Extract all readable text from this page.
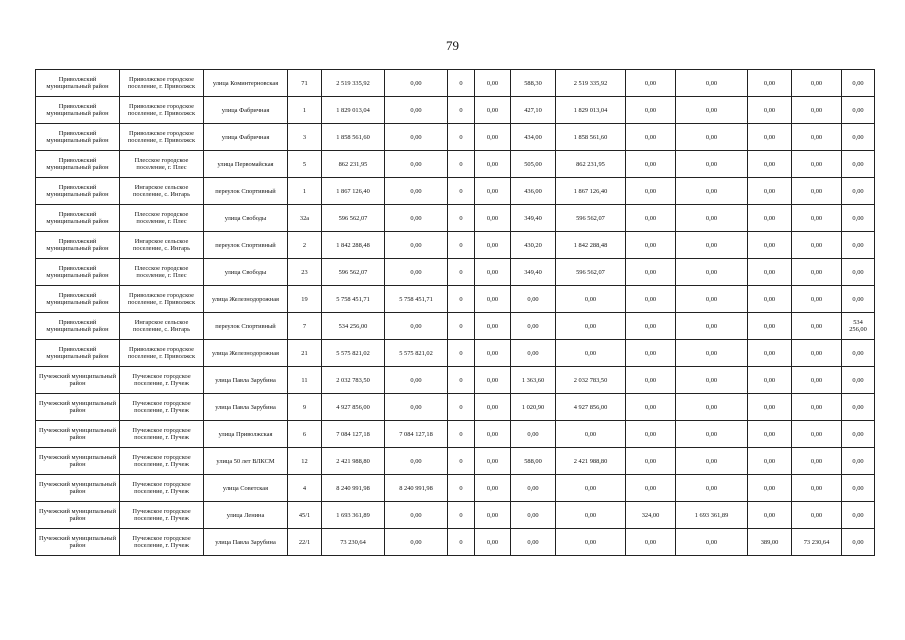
79
Приволжский муниципальный район	Приволжское городское поселение, г. Приволжск	улица Коминтерновская	71	2 519 335,92	0,00	0	0,00	588,30	2 519 335,92	0,00	0,00	0,00	0,00	0,00
Приволжский муниципальный район	Приволжское городское поселение, г. Приволжск	улица Фабричная	1	1 829 013,04	0,00	0	0,00	427,10	1 829 013,04	0,00	0,00	0,00	0,00	0,00
Приволжский муниципальный район	Приволжское городское поселение, г. Приволжск	улица Фабричная	3	1 858 561,60	0,00	0	0,00	434,00	1 858 561,60	0,00	0,00	0,00	0,00	0,00
Приволжский муниципальный район	Плесское городское поселение, г. Плес	улица Первомайская	5	862 231,95	0,00	0	0,00	505,00	862 231,95	0,00	0,00	0,00	0,00	0,00
Приволжский муниципальный район	Ингарское сельское поселение, с. Ингарь	переулок Спортивный	1	1 867 126,40	0,00	0	0,00	436,00	1 867 126,40	0,00	0,00	0,00	0,00	0,00
Приволжский муниципальный район	Плесское городское поселение, г. Плес	улица Свободы	32а	596 562,07	0,00	0	0,00	349,40	596 562,07	0,00	0,00	0,00	0,00	0,00
Приволжский муниципальный район	Ингарское сельское поселение, с. Ингарь	переулок Спортивный	2	1 842 288,48	0,00	0	0,00	430,20	1 842 288,48	0,00	0,00	0,00	0,00	0,00
Приволжский муниципальный район	Плесское городское поселение, г. Плес	улица Свободы	23	596 562,07	0,00	0	0,00	349,40	596 562,07	0,00	0,00	0,00	0,00	0,00
Приволжский муниципальный район	Приволжское городское поселение, г. Приволжск	улица Железнодорожная	19	5 758 451,71	5 758 451,71	0	0,00	0,00	0,00	0,00	0,00	0,00	0,00	0,00
Приволжский муниципальный район	Ингарское сельское поселение, с. Ингарь	переулок Спортивный	7	534 256,00	0,00	0	0,00	0,00	0,00	0,00	0,00	0,00	0,00	534 256,00
Приволжский муниципальный район	Приволжское городское поселение, г. Приволжск	улица Железнодорожная	21	5 575 821,02	5 575 821,02	0	0,00	0,00	0,00	0,00	0,00	0,00	0,00	0,00
Пучежский муниципальный район	Пучежское городское поселение, г. Пучеж	улица Павла Зарубина	11	2 032 783,50	0,00	0	0,00	1 363,60	2 032 783,50	0,00	0,00	0,00	0,00	0,00
Пучежский муниципальный район	Пучежское городское поселение, г. Пучеж	улица Павла Зарубина	9	4 927 856,00	0,00	0	0,00	1 020,90	4 927 856,00	0,00	0,00	0,00	0,00	0,00
Пучежский муниципальный район	Пучежское городское поселение, г. Пучеж	улица Приволжская	6	7 084 127,18	7 084 127,18	0	0,00	0,00	0,00	0,00	0,00	0,00	0,00	0,00
Пучежский муниципальный район	Пучежское городское поселение, г. Пучеж	улица 50 лет ВЛКСМ	12	2 421 988,80	0,00	0	0,00	588,00	2 421 988,80	0,00	0,00	0,00	0,00	0,00
Пучежский муниципальный район	Пучежское городское поселение, г. Пучеж	улица Советская	4	8 240 991,98	8 240 991,98	0	0,00	0,00	0,00	0,00	0,00	0,00	0,00	0,00
Пучежский муниципальный район	Пучежское городское поселение, г. Пучеж	улица Ленина	45/1	1 693 361,89	0,00	0	0,00	0,00	0,00	324,00	1 693 361,89	0,00	0,00	0,00
Пучежский муниципальный район	Пучежское городское поселение, г. Пучеж	улица Павла Зарубина	22/1	73 230,64	0,00	0	0,00	0,00	0,00	0,00	0,00	389,00	73 230,64	0,00
